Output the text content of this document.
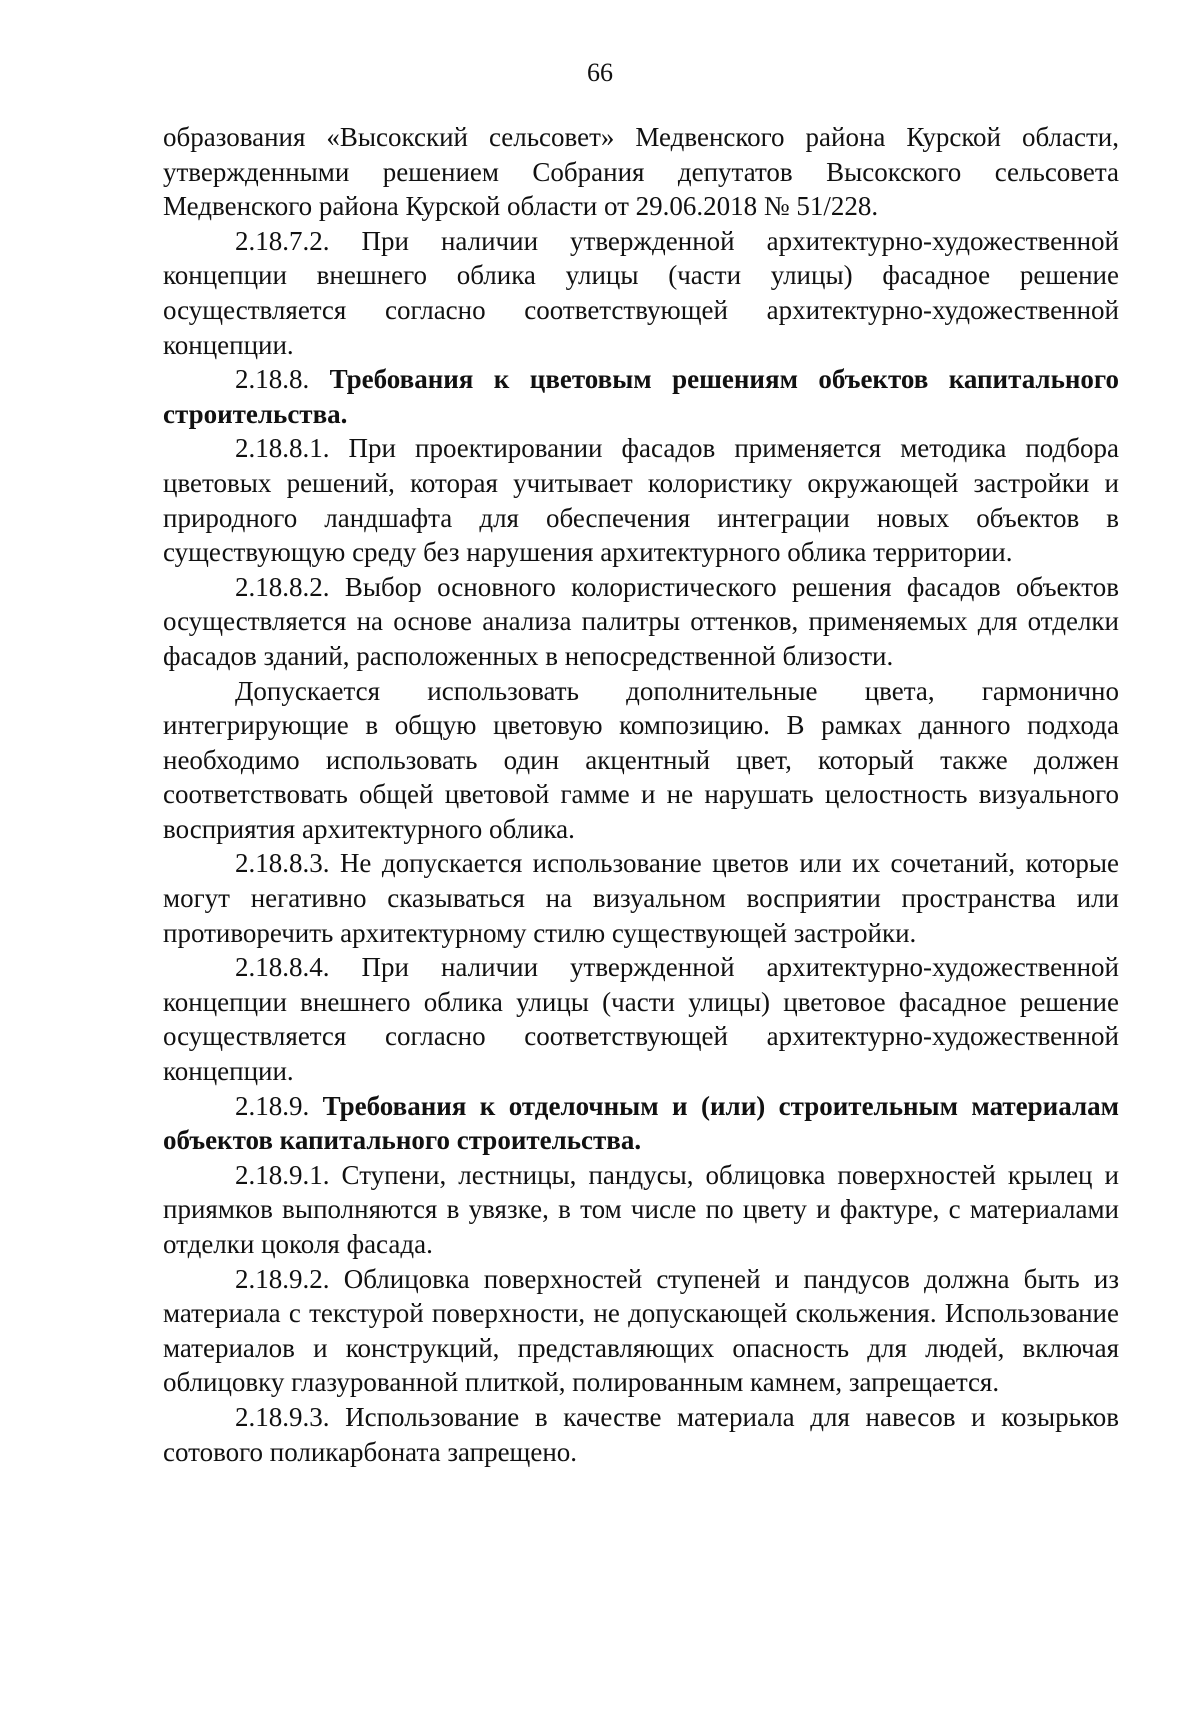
66

образования «Высокский сельсовет» Медвенского района Курской области, утвержденными решением Собрания депутатов Высокского сельсовета Медвенского района Курской области от 29.06.2018 № 51/228.

2.18.7.2. При наличии утвержденной архитектурно-художественной концепции внешнего облика улицы (части улицы) фасадное решение осуществляется согласно соответствующей архитектурно-художественной концепции.

2.18.8. Требования к цветовым решениям объектов капитального строительства.

2.18.8.1. При проектировании фасадов применяется методика подбора цветовых решений, которая учитывает колористику окружающей застройки и природного ландшафта для обеспечения интеграции новых объектов в существующую среду без нарушения архитектурного облика территории.

2.18.8.2. Выбор основного колористического решения фасадов объектов осуществляется на основе анализа палитры оттенков, применяемых для отделки фасадов зданий, расположенных в непосредственной близости.

Допускается использовать дополнительные цвета, гармонично интегрирующие в общую цветовую композицию. В рамках данного подхода необходимо использовать один акцентный цвет, который также должен соответствовать общей цветовой гамме и не нарушать целостность визуального восприятия архитектурного облика.

2.18.8.3. Не допускается использование цветов или их сочетаний, которые могут негативно сказываться на визуальном восприятии пространства или противоречить архитектурному стилю существующей застройки.

2.18.8.4. При наличии утвержденной архитектурно-художественной концепции внешнего облика улицы (части улицы) цветовое фасадное решение осуществляется согласно соответствующей архитектурно-художественной концепции.

2.18.9. Требования к отделочным и (или) строительным материалам объектов капитального строительства.

2.18.9.1. Ступени, лестницы, пандусы, облицовка поверхностей крылец и приямков выполняются в увязке, в том числе по цвету и фактуре, с материалами отделки цоколя фасада.

2.18.9.2. Облицовка поверхностей ступеней и пандусов должна быть из материала с текстурой поверхности, не допускающей скольжения. Использование материалов и конструкций, представляющих опасность для людей, включая облицовку глазурованной плиткой, полированным камнем, запрещается.

2.18.9.3. Использование в качестве материала для навесов и козырьков сотового поликарбоната запрещено.
